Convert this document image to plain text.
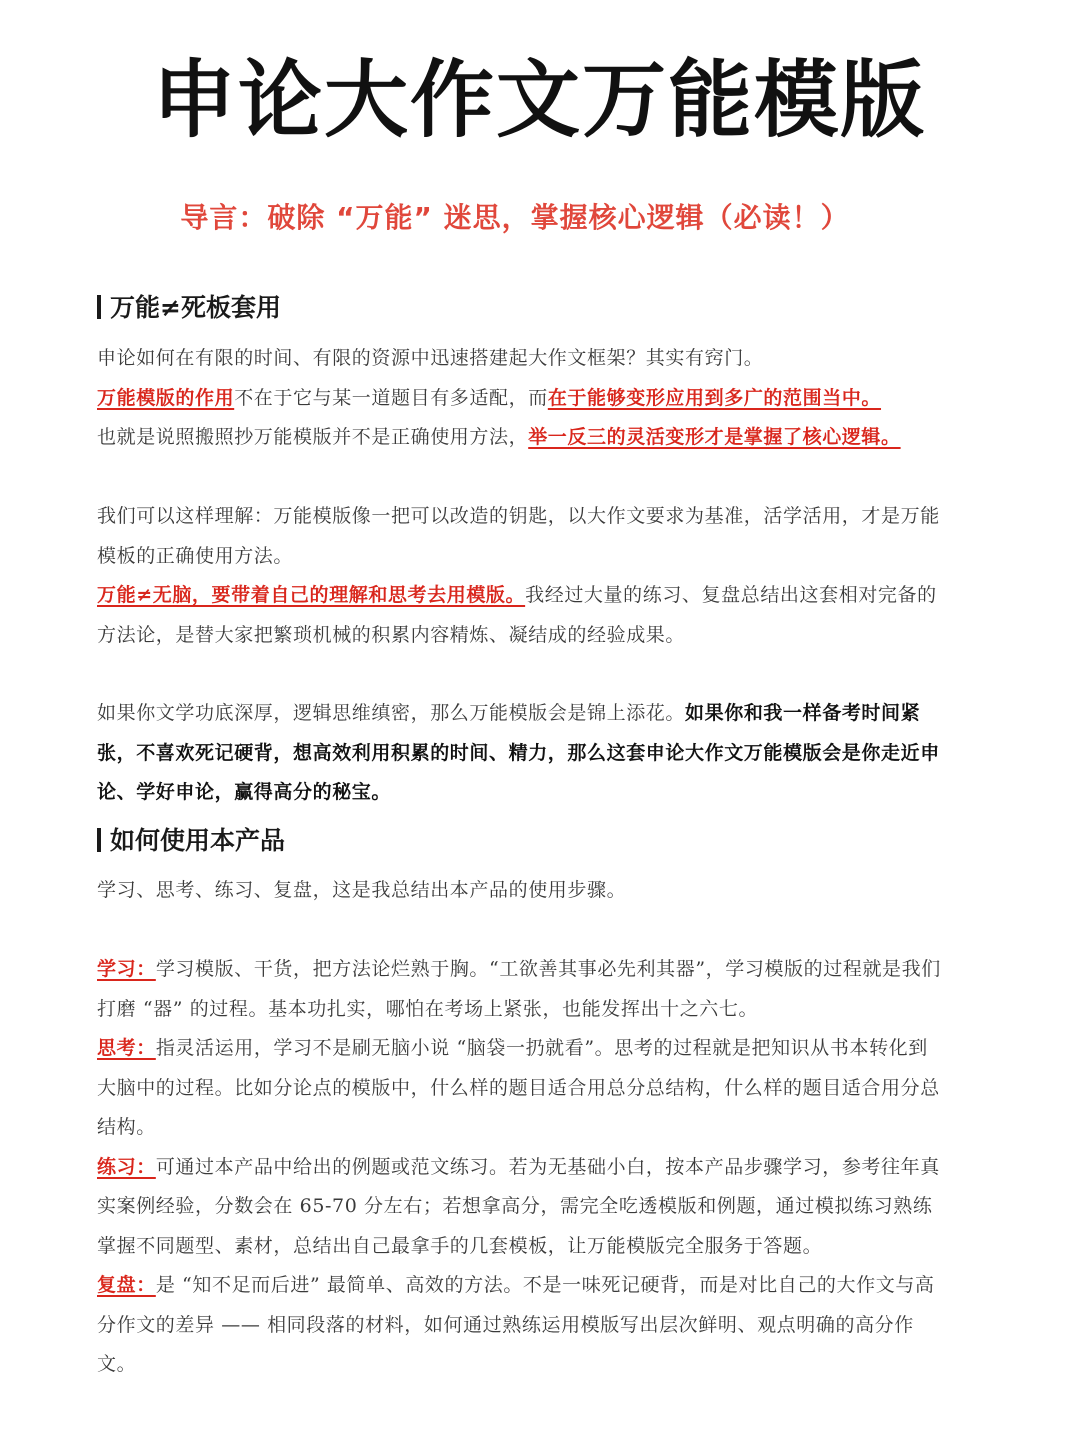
申论大作文万能模版
导言：破除 “万能” 迷思，掌握核心逻辑（必读！）
万能≠死板套用
申论如何在有限的时间、有限的资源中迅速搭建起大作文框架？其实有窍门。
万能模版的作用不在于它与某一道题目有多适配，而在于能够变形应用到多广的范围当中。
也就是说照搬照抄万能模版并不是正确使用方法，举一反三的灵活变形才是掌握了核心逻辑。
我们可以这样理解：万能模版像一把可以改造的钥匙，以大作文要求为基准，活学活用，才是万能模板的正确使用方法。
万能≠无脑，要带着自己的理解和思考去用模版。我经过大量的练习、复盘总结出这套相对完备的方法论，是替大家把繁琐机械的积累内容精炼、凝结成的经验成果。
如果你文学功底深厚，逻辑思维缜密，那么万能模版会是锦上添花。如果你和我一样备考时间紧张，不喜欢死记硬背，想高效利用积累的时间、精力，那么这套申论大作文万能模版会是你走近申论、学好申论，赢得高分的秘宝。
如何使用本产品
学习、思考、练习、复盘，这是我总结出本产品的使用步骤。
学习：学习模版、干货，把方法论烂熟于胸。“工欲善其事必先利其器”，学习模版的过程就是我们打磨 “器” 的过程。基本功扎实，哪怕在考场上紧张，也能发挥出十之六七。
思考：指灵活运用，学习不是刷无脑小说 “脑袋一扔就看”。思考的过程就是把知识从书本转化到大脑中的过程。比如分论点的模版中，什么样的题目适合用总分总结构，什么样的题目适合用分总结构。
练习：可通过本产品中给出的例题或范文练习。若为无基础小白，按本产品步骤学习，参考往年真实案例经验，分数会在 65-70 分左右；若想拿高分，需完全吃透模版和例题，通过模拟练习熟练掌握不同题型、素材，总结出自己最拿手的几套模板，让万能模版完全服务于答题。
复盘：是 “知不足而后进” 最简单、高效的方法。不是一味死记硬背，而是对比自己的大作文与高分作文的差异 —— 相同段落的材料，如何通过熟练运用模版写出层次鲜明、观点明确的高分作文。
